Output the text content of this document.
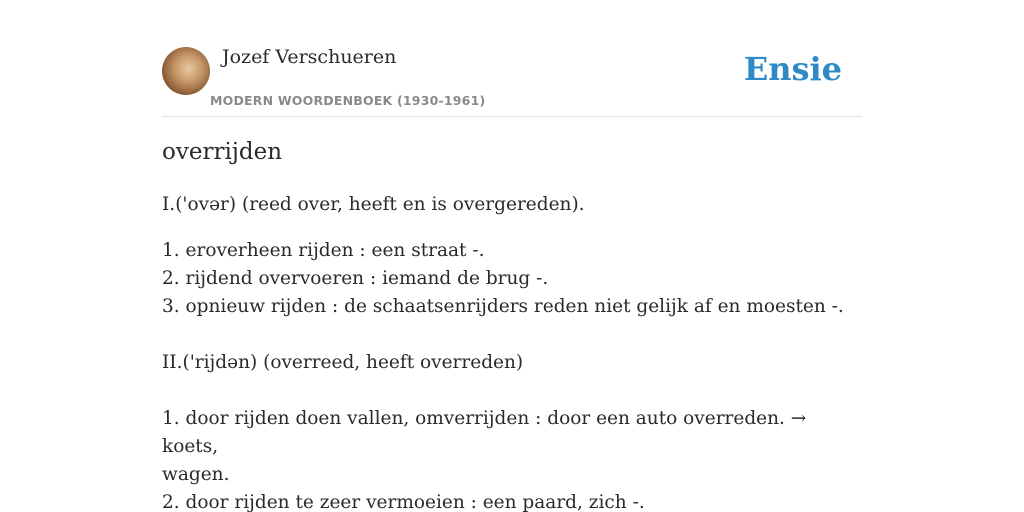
Jozef Verschueren
MODERN WOORDENBOEK (1930-1961)
Ensie
overrijden
I.('ovər) (reed over, heeft en is overgereden).
1. eroverheen rijden : een straat -.
2. rijdend overvoeren : iemand de brug -.
3. opnieuw rijden : de schaatsenrijders reden niet gelijk af en moesten -.
II.('rijdən) (overreed, heeft overreden)
1. door rijden doen vallen, omverrijden : door een auto overreden. → koets,
wagen.
2. door rijden te zeer vermoeien : een paard, zich -.
